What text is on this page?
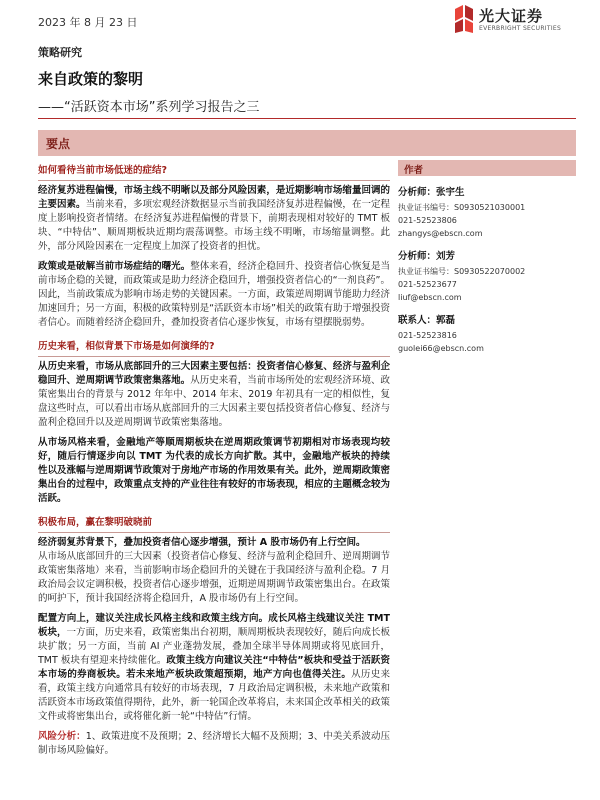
2023 年 8 月 23 日	光大证券
EVERBRIGHT SECURITIES
策略研究
来自政策的黎明
——“活跃资本市场”系列学习报告之三
要点
如何看待当前市场低迷的症结?

经济复苏进程偏慢，市场主线不明晰以及部分风险因素，是近期影响市场缩量回调的主要因素。当前来看，多项宏观经济数据显示当前我国经济复苏进程偏慢，在一定程度上影响投资者情绪。在经济复苏进程偏慢的背景下，前期表现相对较好的 TMT 板块、“中特估”、顺周期板块近期均震荡调整。市场主线不明晰，市场缩量调整。此外，部分风险因素在一定程度上加深了投资者的担忧。

政策或是破解当前市场症结的曙光。整体来看，经济企稳回升、投资者信心恢复是当前市场企稳的关键，而政策或是助力经济企稳回升，增强投资者信心的“一剂良药”。因此，当前政策成为影响市场走势的关键因素。一方面，政策逆周期调节能助力经济加速回升；另一方面，积极的政策特别是“活跃资本市场”相关的政策有助于增强投资者信心。而随着经济企稳回升，叠加投资者信心逐步恢复，市场有望摆脱弱势。

历史来看，相似背景下市场是如何演绎的?

从历史来看，市场从底部回升的三大因素主要包括：投资者信心修复、经济与盈利企稳回升、逆周期调节政策密集落地。从历史来看，当前市场所处的宏观经济环境、政策密集出台的背景与 2012 年年中、2014 年末、2019 年初具有一定的相似性，复盘这些时点，可以看出市场从底部回升的三大因素主要包括投资者信心修复、经济与盈利企稳回升以及逆周期调节政策密集落地。

从市场风格来看，金融地产等顺周期板块在逆周期政策调节初期相对市场表现均较好，随后行情逐步向以 TMT 为代表的成长方向扩散。其中，金融地产板块的持续性以及涨幅与逆周期调节政策对于房地产市场的作用效果有关。此外，逆周期政策密集出台的过程中，政策重点支持的产业往往有较好的市场表现，相应的主题概念较为活跃。

积极布局，赢在黎明破晓前

经济弱复苏背景下，叠加投资者信心逐步增强，预计 A 股市场仍有上行空间。
从市场从底部回升的三大因素（投资者信心修复、经济与盈利企稳回升、逆周期调节政策密集落地）来看，当前影响市场企稳回升的关键在于我国经济与盈利企稳。7 月政治局会议定调积极，投资者信心逐步增强，近期逆周期调节政策密集出台。在政策的呵护下，预计我国经济将企稳回升，A 股市场仍有上行空间。

配置方向上，建议关注成长风格主线和政策主线方向。成长风格主线建议关注 TMT 板块，一方面，历史来看，政策密集出台初期，顺周期板块表现较好，随后向成长板块扩散；另一方面，当前 AI 产业蓬勃发展，叠加全球半导体周期或将见底回升，TMT 板块有望迎来持续催化。政策主线方向建议关注“中特估”板块和受益于活跃资本市场的券商板块。若未来地产板块政策超预期，地产方向也值得关注。从历史来看，政策主线方向通常具有较好的市场表现，7 月政治局定调积极，未来地产政策和活跃资本市场政策值得期待，此外，新一轮国企改革将启，未来国企改革相关的政策文件或将密集出台，或将催化新一轮“中特估”行情。

风险分析：1、政策进度不及预期；2、经济增长大幅不及预期；3、中美关系波动压制市场风险偏好。

作者
分析师：张宇生
执业证书编号：S0930521030001
021-52523806
zhangys@ebscn.com
分析师：刘芳
执业证书编号：S0930522070002
021-52523677
liuf@ebscn.com
联系人：郭磊
021-52523816
guolei66@ebscn.com
